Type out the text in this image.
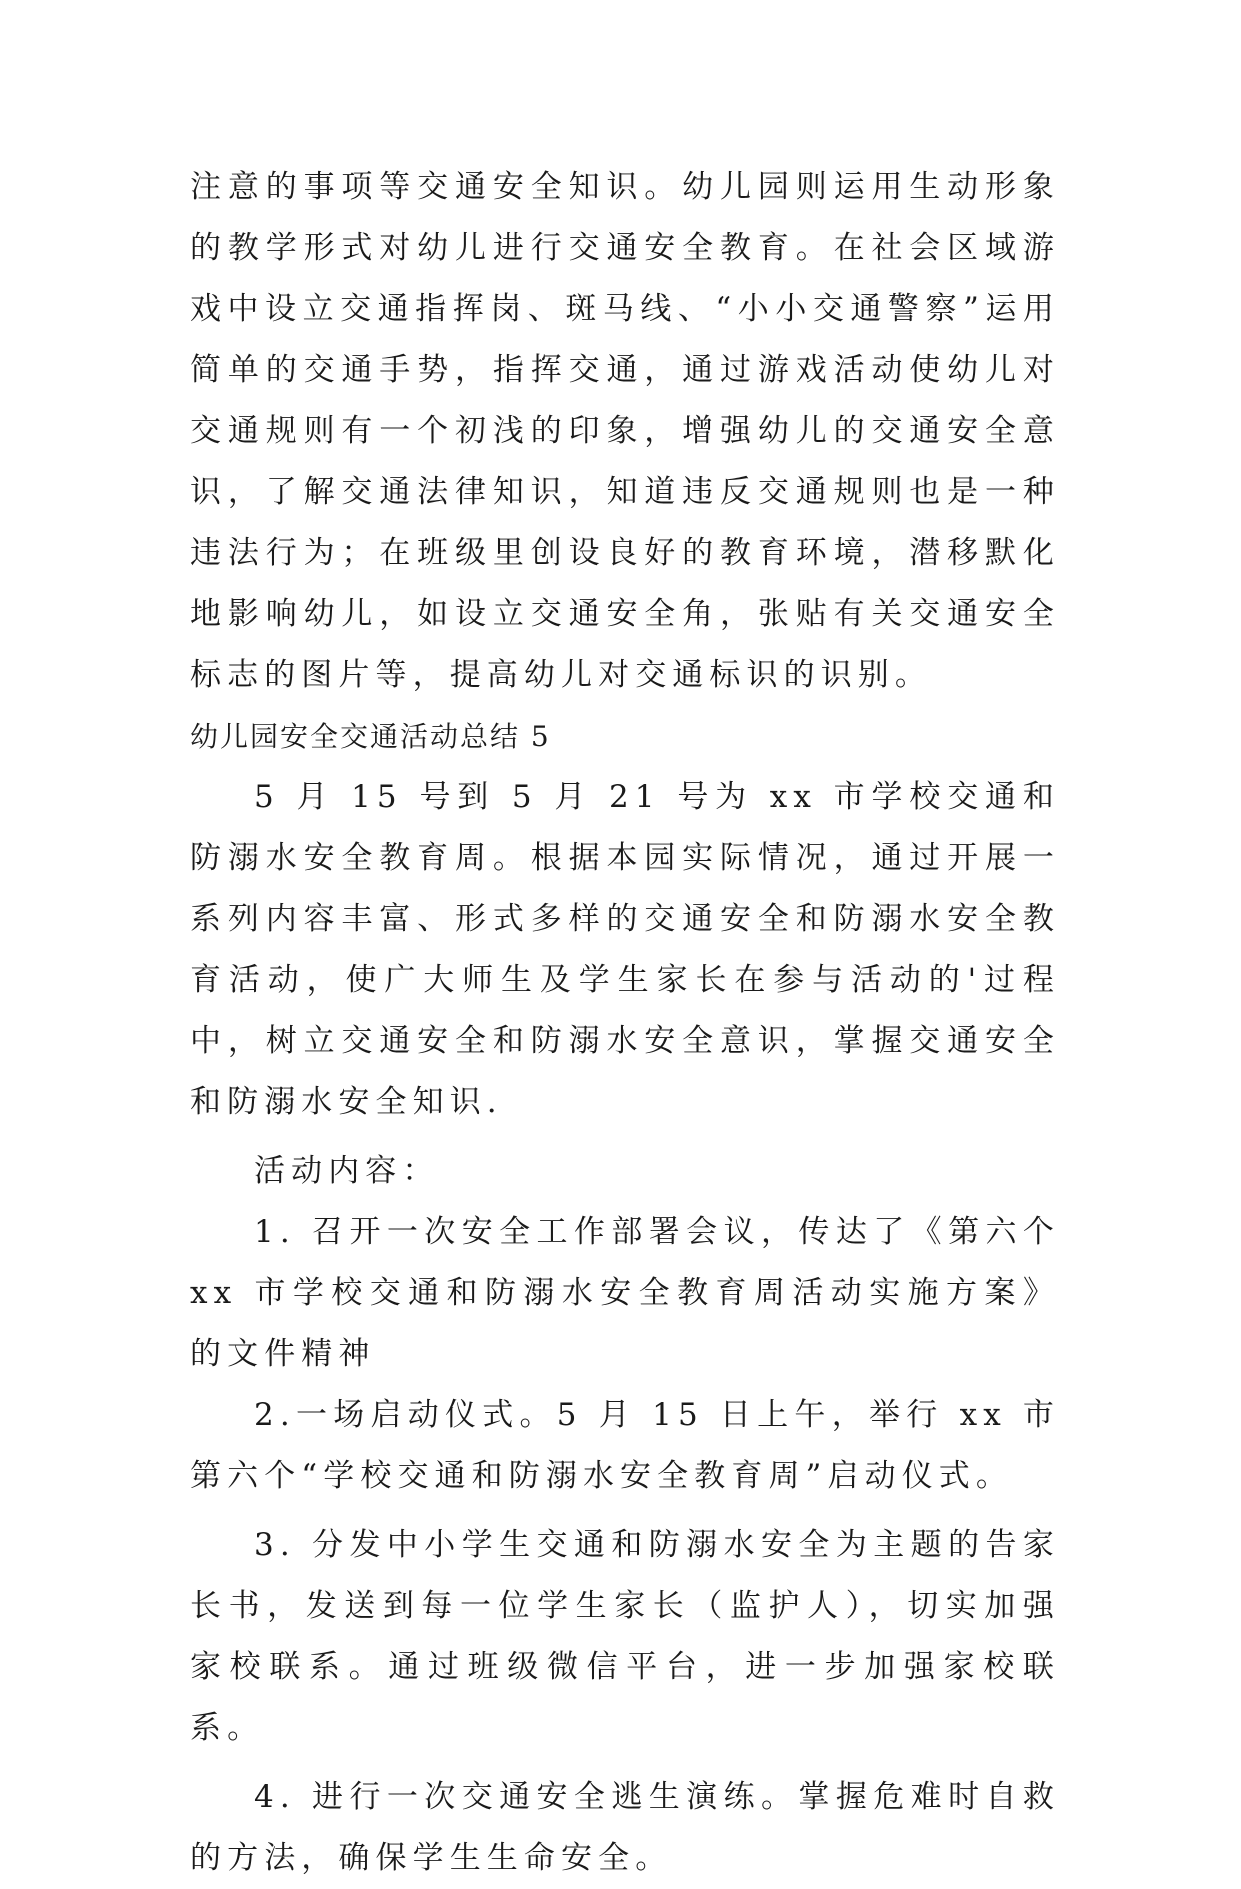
注意的事项等交通安全知识。幼儿园则运用生动形象的教学形式对幼儿进行交通安全教育。在社会区域游戏中设立交通指挥岗、斑马线、“小小交通警察”运用简单的交通手势，指挥交通，通过游戏活动使幼儿对交通规则有一个初浅的印象，增强幼儿的交通安全意识，了解交通法律知识，知道违反交通规则也是一种违法行为；在班级里创设良好的教育环境，潜移默化地影响幼儿，如设立交通安全角，张贴有关交通安全标志的图片等，提高幼儿对交通标识的识别。

幼儿园安全交通活动总结 5

5 月 15 号到 5 月 21 号为 xx 市学校交通和防溺水安全教育周。根据本园实际情况，通过开展一系列内容丰富、形式多样的交通安全和防溺水安全教育活动，使广大师生及学生家长在参与活动的'过程中，树立交通安全和防溺水安全意识，掌握交通安全和防溺水安全知识.

活动内容：

1. 召开一次安全工作部署会议，传达了《第六个 xx 市学校交通和防溺水安全教育周活动实施方案》的文件精神

2.一场启动仪式。5 月 15 日上午，举行 xx 市第六个“学校交通和防溺水安全教育周”启动仪式。

3. 分发中小学生交通和防溺水安全为主题的告家长书，发送到每一位学生家长（监护人），切实加强家校联系。通过班级微信平台，进一步加强家校联系。

4. 进行一次交通安全逃生演练。掌握危难时自救的方法，确保学生生命安全。
